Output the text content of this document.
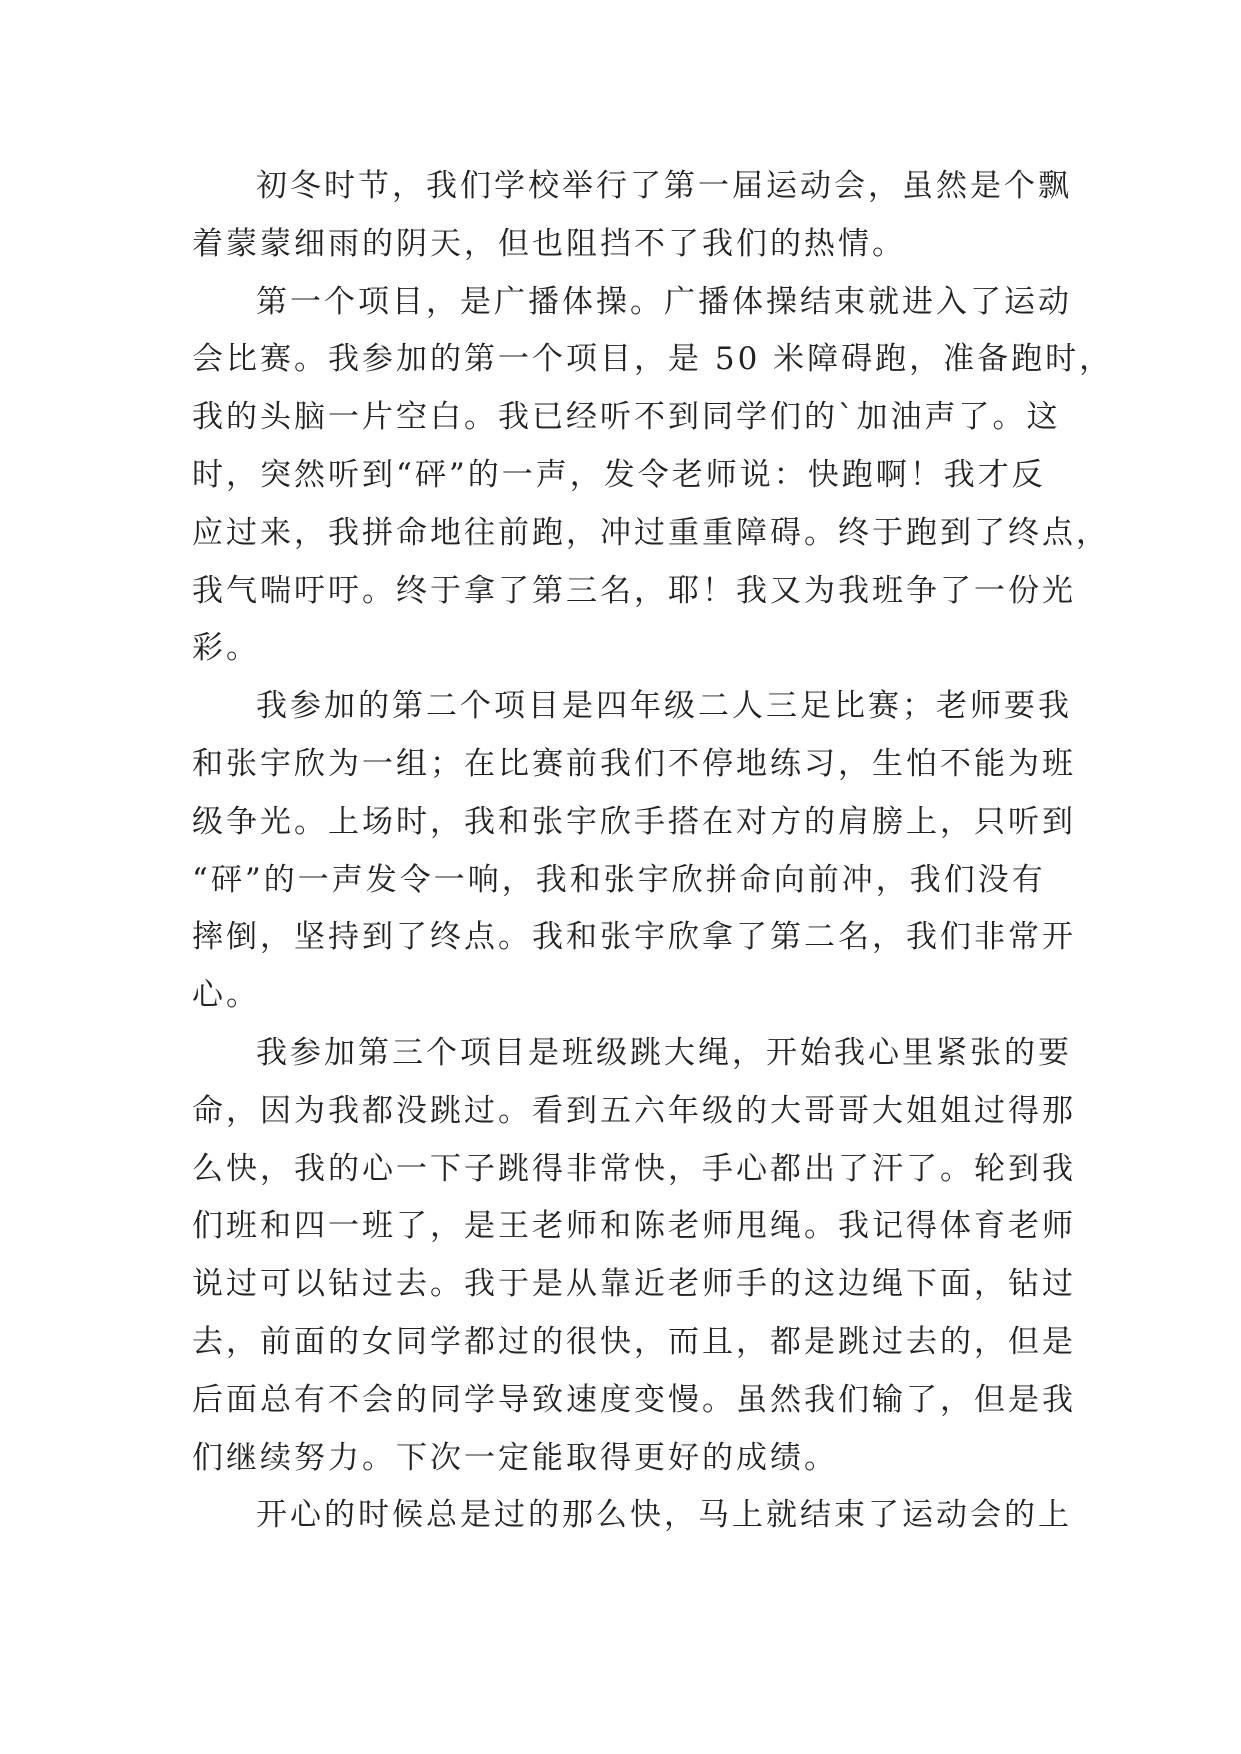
初冬时节，我们学校举行了第一届运动会，虽然是个飘
着蒙蒙细雨的阴天，但也阻挡不了我们的热情。
第一个项目，是广播体操。广播体操结束就进入了运动
会比赛。我参加的第一个项目，是 50 米障碍跑，准备跑时，
我的头脑一片空白。我已经听不到同学们的`加油声了。这
时，突然听到“砰”的一声，发令老师说：快跑啊！我才反
应过来，我拼命地往前跑，冲过重重障碍。终于跑到了终点，
我气喘吁吁。终于拿了第三名，耶！我又为我班争了一份光
彩。
我参加的第二个项目是四年级二人三足比赛；老师要我
和张宇欣为一组；在比赛前我们不停地练习，生怕不能为班
级争光。上场时，我和张宇欣手搭在对方的肩膀上，只听到
“砰”的一声发令一响，我和张宇欣拼命向前冲，我们没有
摔倒，坚持到了终点。我和张宇欣拿了第二名，我们非常开
心。
我参加第三个项目是班级跳大绳，开始我心里紧张的要
命，因为我都没跳过。看到五六年级的大哥哥大姐姐过得那
么快，我的心一下子跳得非常快，手心都出了汗了。轮到我
们班和四一班了，是王老师和陈老师甩绳。我记得体育老师
说过可以钻过去。我于是从靠近老师手的这边绳下面，钻过
去，前面的女同学都过的很快，而且，都是跳过去的，但是
后面总有不会的同学导致速度变慢。虽然我们输了，但是我
们继续努力。下次一定能取得更好的成绩。
开心的时候总是过的那么快，马上就结束了运动会的上
